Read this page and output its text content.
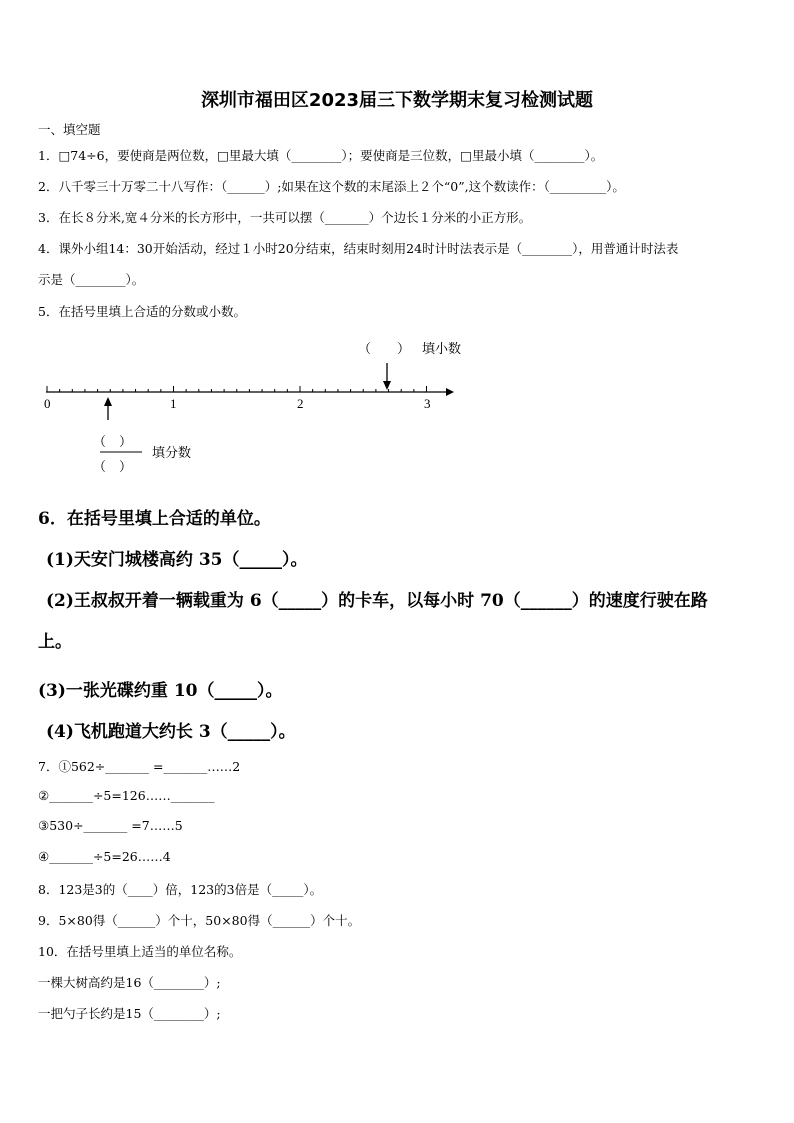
深圳市福田区2023届三下数学期末复习检测试题
一、填空题
1．□74÷6，要使商是两位数，□里最大填（________）；要使商是三位数，□里最小填（________）。
2．八千零三十万零二十八写作：（______）;如果在这个数的末尾添上２个“0”,这个数读作：（_________）。
3．在长８分米,宽４分米的长方形中，一共可以摆（_______）个边长１分米的小正方形。
4．课外小组14：30开始活动，经过１小时20分结束，结束时刻用24时计时法表示是（________），用普通计时法表
示是（________）。
5．在括号里填上合适的分数或小数。
0	1	2	3
（　　） 填小数
（　）
（　）
填分数
6．在括号里填上合适的单位。
(1)天安门城楼高约 35（_____）。
(2)王叔叔开着一辆载重为 6（_____）的卡车，以每小时 70（______）的速度行驶在路
上。
(3)一张光碟约重 10（_____）。
(4)飞机跑道大约长 3（_____）。
7．①562÷_______ =_______……2
②_______÷5=126……_______
③530÷_______ =7……5
④_______÷5=26……4
8．123是3的（____）倍，123的3倍是（_____）。
9．5×80得（______）个十，50×80得（______）个十。
10．在括号里填上适当的单位名称。
一棵大树高约是16（________）;
一把勺子长约是15（________）;
